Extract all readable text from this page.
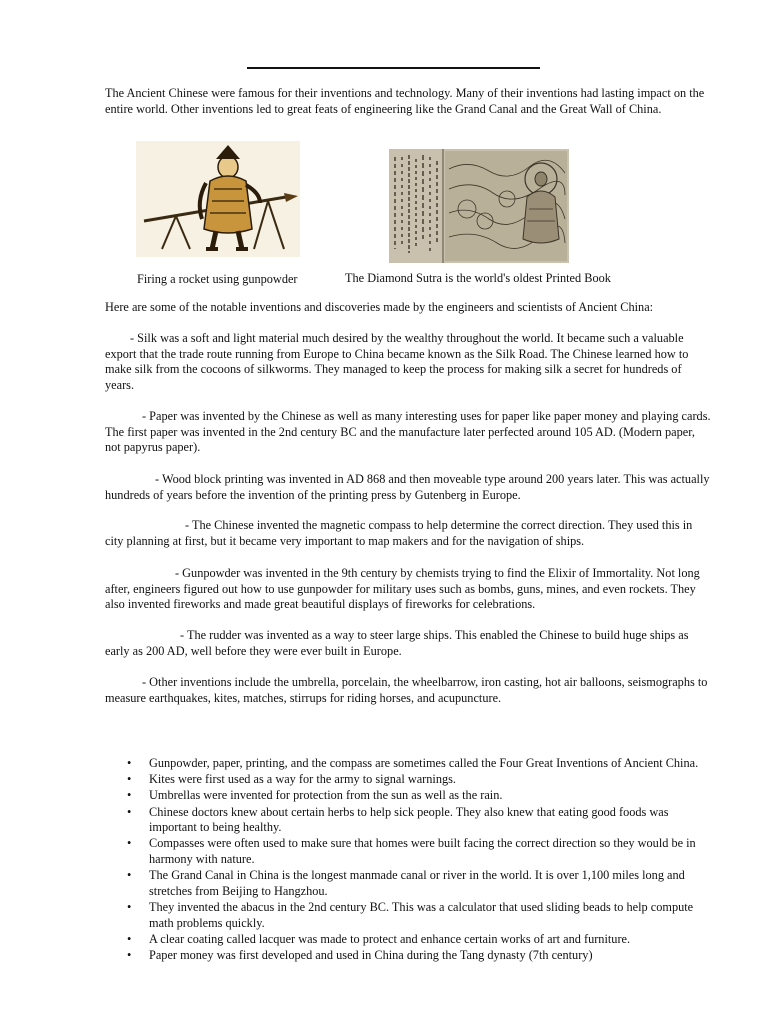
The Ancient Chinese were famous for their inventions and technology. Many of their inventions had lasting impact on the entire world. Other inventions led to great feats of engineering like the Grand Canal and the Great Wall of China.

Firing a rocket using gunpowder	The Diamond Sutra is the world's oldest Printed Book

Here are some of the notable inventions and discoveries made by the engineers and scientists of Ancient China:

- Silk was a soft and light material much desired by the wealthy throughout the world. It became such a valuable export that the trade route running from Europe to China became known as the Silk Road. The Chinese learned how to make silk from the cocoons of silkworms. They managed to keep the process for making silk a secret for hundreds of years.

- Paper was invented by the Chinese as well as many interesting uses for paper like paper money and playing cards. The first paper was invented in the 2nd century BC and the manufacture later perfected around 105 AD. (Modern paper, not papyrus paper).

- Wood block printing was invented in AD 868 and then moveable type around 200 years later. This was actually hundreds of years before the invention of the printing press by Gutenberg in Europe.

- The Chinese invented the magnetic compass to help determine the correct direction. They used this in city planning at first, but it became very important to map makers and for the navigation of ships.

- Gunpowder was invented in the 9th century by chemists trying to find the Elixir of Immortality. Not long after, engineers figured out how to use gunpowder for military uses such as bombs, guns, mines, and even rockets. They also invented fireworks and made great beautiful displays of fireworks for celebrations.

- The rudder was invented as a way to steer large ships. This enabled the Chinese to build huge ships as early as 200 AD, well before they were ever built in Europe.

- Other inventions include the umbrella, porcelain, the wheelbarrow, iron casting, hot air balloons, seismographs to measure earthquakes, kites, matches, stirrups for riding horses, and acupuncture.

• Gunpowder, paper, printing, and the compass are sometimes called the Four Great Inventions of Ancient China.
• Kites were first used as a way for the army to signal warnings.
• Umbrellas were invented for protection from the sun as well as the rain.
• Chinese doctors knew about certain herbs to help sick people. They also knew that eating good foods was important to being healthy.
• Compasses were often used to make sure that homes were built facing the correct direction so they would be in harmony with nature.
• The Grand Canal in China is the longest manmade canal or river in the world. It is over 1,100 miles long and stretches from Beijing to Hangzhou.
• They invented the abacus in the 2nd century BC. This was a calculator that used sliding beads to help compute math problems quickly.
• A clear coating called lacquer was made to protect and enhance certain works of art and furniture.
• Paper money was first developed and used in China during the Tang dynasty (7th century)
